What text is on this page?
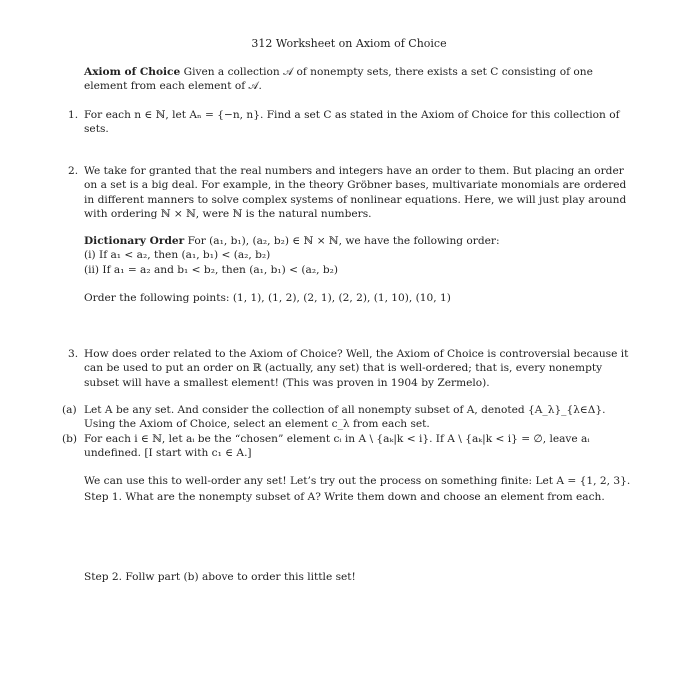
312 Worksheet on Axiom of Choice

Axiom of Choice Given a collection 𝒜 of nonempty sets, there exists a set C consisting of one element from each element of 𝒜.

1. For each n ∈ ℕ, let Aₙ = {−n, n}. Find a set C as stated in the Axiom of Choice for this collection of sets.

2. We take for granted that the real numbers and integers have an order to them. But placing an order on a set is a big deal. For example, in the theory Gröbner bases, multivariate monomials are ordered in different manners to solve complex systems of nonlinear equations. Here, we will just play around with ordering ℕ × ℕ, were ℕ is the natural numbers.

Dictionary Order For (a₁, b₁), (a₂, b₂) ∈ ℕ × ℕ, we have the following order:

(i) If a₁ < a₂, then (a₁, b₁) < (a₂, b₂)

(ii) If a₁ = a₂ and b₁ < b₂, then (a₁, b₁) < (a₂, b₂)

Order the following points: (1, 1), (1, 2), (2, 1), (2, 2), (1, 10), (10, 1)
3. How does order related to the Axiom of Choice? Well, the Axiom of Choice is controversial because it can be used to put an order on ℝ (actually, any set) that is well-ordered; that is, every nonempty subset will have a smallest element! (This was proven in 1904 by Zermelo).

(a) Let A be any set. And consider the collection of all nonempty subset of A, denoted {A_λ}_{λ∈Δ}. Using the Axiom of Choice, select an element c_λ from each set.

(b) For each i ∈ ℕ, let aᵢ be the “chosen” element cᵢ in A \ {aₖ|k < i}. If A \ {aₖ|k < i} = ∅, leave aᵢ undefined. [I start with c₁ ∈ A.]

We can use this to well-order any set! Let’s try out the process on something finite: Let A = {1, 2, 3}.
Step 1. What are the nonempty subset of A? Write them down and choose an element from each.
Step 2. Follw part (b) above to order this little set!
